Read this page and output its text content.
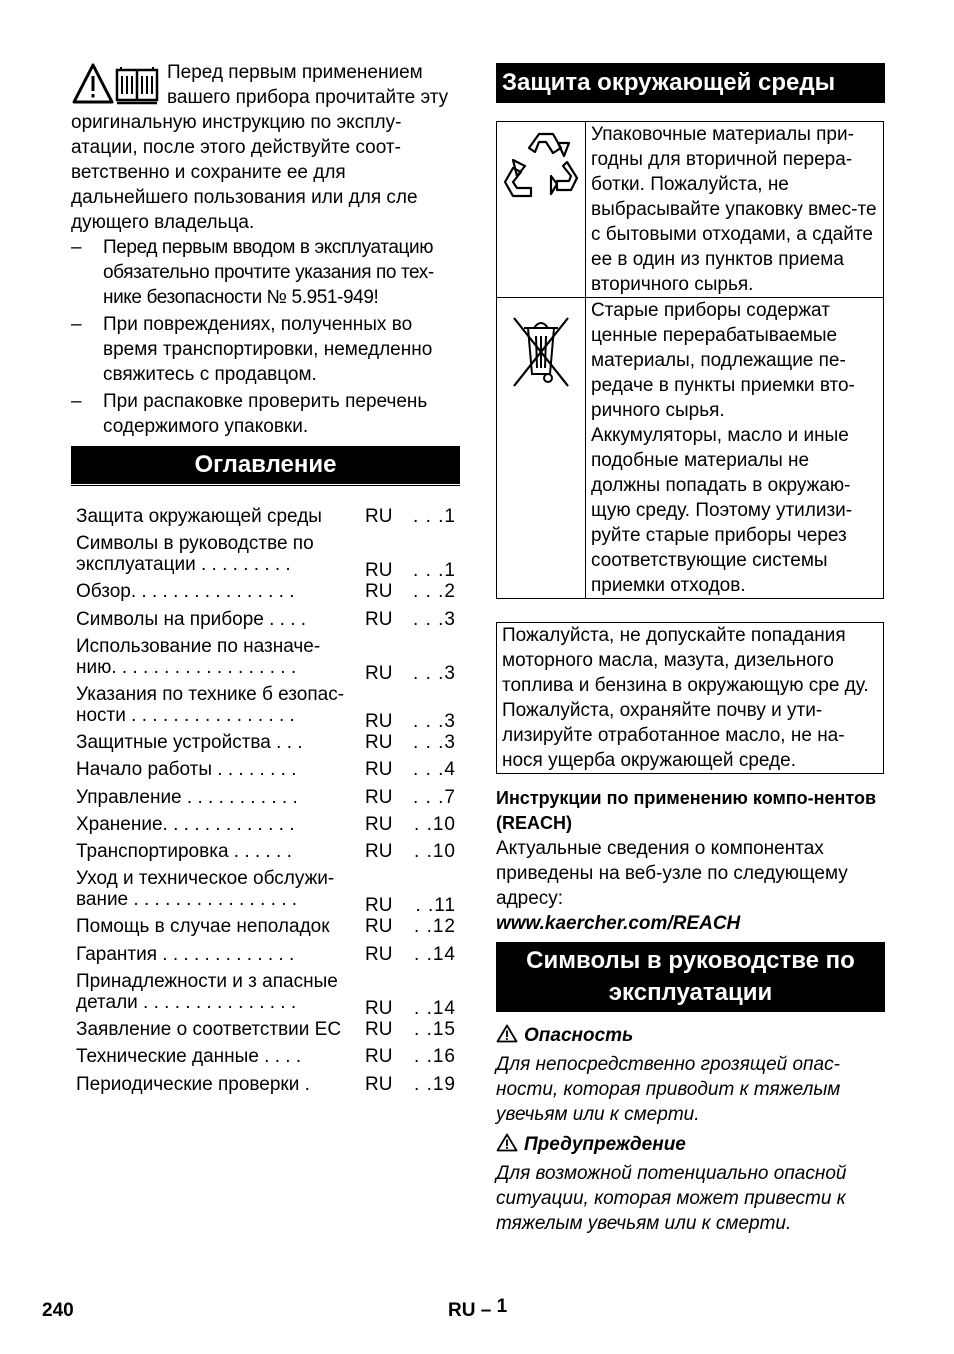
Перед первым применением вашего прибора прочитайте эту оригинальную инструкцию по эксплу-атации, после этого действуйте соот-ветственно и сохраните ее для дальнейшего пользования или для сле дующего владельца.
– Перед первым вводом в эксплуатацию обязательно прочтите указания по тех-нике безопасности № 5.951-949!
– При повреждениях, полученных во время транспортировки, немедленно свяжитесь с продавцом.
– При распаковке проверить перечень содержимого упаковки.
Оглавление
Защита окружающей среды	RU . . .1
Символы в руководстве по
эксплуатации . . . . . . . . .	RU . . .1
Обзор. . . . . . . . . . . . . . . .	RU . . .2
Символы на приборе . . . .	RU . . .3
Использование по назначе-
нию. . . . . . . . . . . . . . . . . .	RU . . .3
Указания по технике б езопас-
ности . . . . . . . . . . . . . . . .	RU . . .3
Защитные устройства . . .	RU . . .3
Начало работы . . . . . . . .	RU . . .4
Управление . . . . . . . . . . .	RU . . .7
Хранение. . . . . . . . . . . . .	RU . .10
Транспортировка . . . . . .	RU . .10
Уход и техническое обслужи-
вание . . . . . . . . . . . . . . . .	RU . .11
Помощь в случае неполадок	RU . .12
Гарантия . . . . . . . . . . . . .	RU . .14
Принадлежности и з апасные
детали . . . . . . . . . . . . . . .	RU . .14
Заявление о соответствии ЕС	RU . .15
Технические данные . . . .	RU . .16
Периодические проверки .	RU . .19
Защита окружающей среды
	Упаковочные материалы при-годны для вторичной перера-ботки. Пожалуйста, не выбрасывайте упаковку вмес-те с бытовыми отходами, а сдайте ее в один из пунктов приема вторичного сырья.

Старые приборы содержат ценные перерабатываемые материалы, подлежащие пе-редаче в пункты приемки вто-ричного сырья.
Аккумуляторы, масло и иные подобные материалы не должны попадать в окружаю-щую среду. Поэтому утилизи-руйте старые приборы через соответствующие системы приемки отходов.
Пожалуйста, не допускайте попадания моторного масла, мазута, дизельного топлива и бензина в окружающую сре ду. Пожалуйста, охраняйте почву и ути-лизируйте отработанное масло, не на-нося ущерба окружающей среде.
Инструкции по применению компо-нентов (REACH)
Актуальные сведения о компонентах приведены на веб-узле по следующему адресу:
www.kaercher.com/REACH
Символы в руководстве по эксплуатации
Опасность
Для непосредственно грозящей опас-ности, которая приводит к тяжелым увечьям или к смерти.
Предупреждение
Для возможной потенциально опасной ситуации, которая может привести к тяжелым увечьям или к смерти.
240	RU – 1
